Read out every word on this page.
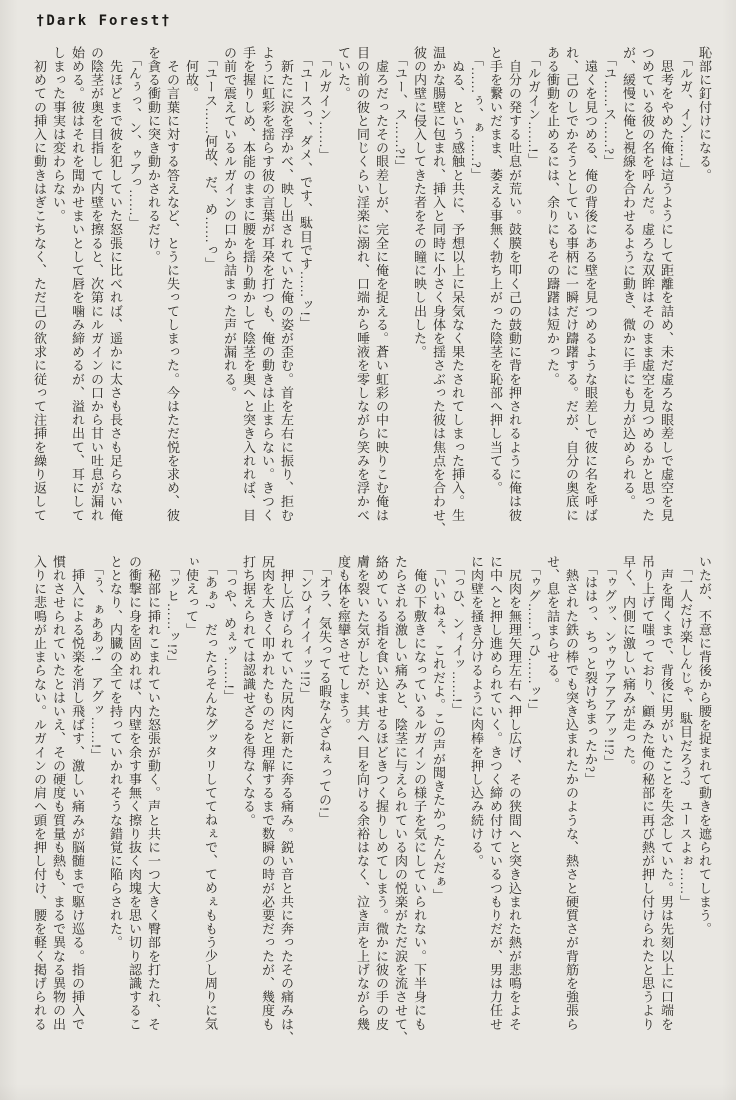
†Dark Forest†
恥部に釘付けになる。
　「ルガ、イン……」
　思考をやめた俺は這うようにして距離を詰め、未だ虚ろな眼差しで虚空を見
つめている彼の名を呼んだ。虚ろな双眸はそのまま虚空を見つめるかと思った
が、緩慢に俺と視線を合わせるように動き、微かに手にも力が込められる。
　「ユ……ス……?」
　遠くを見つめる、俺の背後にある壁を見つめるような眼差しで彼に名を呼ば
れ、己のしでかそうとしている事柄に一瞬だけ躊躇する。だが、自分の奥底に
ある衝動を止めるには、余りにもその躊躇は短かった。
　「ルガイン……!」
　自分の発する吐息が荒い。鼓膜を叩く己の鼓動に背を押されるように俺は彼
と手を繋いだまま、萎える事無く勃ち上がった陰茎を恥部へ押し当てる。
　「……ぅ、ぁ……?」
　ぬる、という感触と共に、予想以上に呆気なく果たされてしまった挿入。生
温かな腸壁に包まれ、挿入と同時に小さく身体を揺さぶった彼は焦点を合わせ、
彼の内壁に侵入してきた者をその瞳に映し出した。
　「ユー、ス……?!」
　虚ろだったその眼差しが、完全に俺を捉える。蒼い虹彩の中に映りこむ俺は
目の前の彼と同じくらい淫楽に溺れ、口端から唾液を零しながら笑みを浮かべ
ていた。
　「ルガイン……」
　「ユースっ、ダメ、です、駄目です……ッ!」
　新たに涙を浮かべ、映し出されていた俺の姿が歪む。首を左右に振り、拒む
ように虹彩を揺らす彼の言葉が耳朶を打つも、俺の動きは止まらない。きつく
手を握りしめ、本能のままに腰を揺り動かして陰茎を奥へと突き入れれば、目
の前で震えているルガインの口から詰まった声が漏れる。
　「ユース……何故、だ、め……っ」
　何故。
　その言葉に対する答えなど、とうに失ってしまった。今はただ悦を求め、彼
を貪る衝動に突き動かされるだけ。
　「んぅっ、ン、ゥアっ……」
　先ほどまで彼を犯していた怒張に比べれば、遥かに太さも長さも足らない俺
の陰茎が奥を目指して内壁を擦ると、次第にルガインの口から甘い吐息が漏れ
始める。彼はそれを聞かせまいとして唇を噛み締めるが、溢れ出て、耳にして
しまった事実は変わらない。
　初めての挿入に動きはぎこちなく、ただ己の欲求に従って注挿を繰り返して
いたが、不意に背後から腰を捉まれて動きを遮られてしまう。
　「一人だけ楽しんじゃ、駄目だろう?　ユースよぉ……」
　声を聞くまで、背後に男がいたことを失念していた。男は先刻以上に口端を
吊り上げて嗤っており、顧みた俺の秘部に再び熱が押し付けられたと思うより
早く、内側に激しい痛みが走った。
　「ゥグッ、ンゥウアアアアッ!!?」
　「ははっ、ちっと裂けちまったか?」
　熱された鉄の棒でも突き込まれたかのような、熱さと硬質さが背筋を強張ら
せ、息を詰まらせる。
　「ゥグ……っひ……ッ!」
　尻肉を無理矢理左右へ押し広げ、その狭間へと突き込まれた熱が悲鳴をよそ
に中へと押し進められていく。きつく締め付けているつもりだが、男は力任せ
に肉壁を掻き分けるように肉棒を押し込み続ける。
　「っひ、ンィイッ……!」
　「いいねぇ、これだよ。この声が聞きたかったんだぁ」
　俺の下敷きになっているルガインの様子を気にしていられない。下半身にも
たらされる激しい痛みと、陰茎に与えられている肉の悦楽がただ涙を流させて、
絡めている指を食い込ませるほどきつく握りしめてしまう。微かに彼の手の皮
膚を裂いた気がしたが、其方へ目を向ける余裕はなく、泣き声を上げながら幾
度も体を痙攣させてしまう。
　「オラ、気失ってる暇なんざねぇっての!」
　「ンひィイイィッ!!?」
　押し広げられていた尻肉に新たに奔る痛み。鋭い音と共に奔ったその痛みは、
尻肉を大きく叩かれたものだと理解するまで数瞬の時が必要だったが、幾度も
打ち据えられては認識せざるを得なくなる。
　「っや、めぇッ……!」
　「あぁ?　だったらそんなグッタリしててねぇで、てめぇももう少し周りに気
ぃ使えって」
　「ッヒ……ッ!?」
　秘部に挿れこまれていた怒張が動く。声と共に一つ大きく臀部を打たれ、そ
の衝撃に身を固めれば、内壁を余す事無く擦り抜く肉塊を思い切り認識するこ
ととなり、内臓の全てを持っていかれそうな錯覚に陥らされた。
　「ぅ、ぁああッ!　アグッ……!」
　挿入による悦楽を消し飛ばす、激しい痛みが脳髄まで駆け巡る。指の挿入で
慣れさせられていたとはいえ、その硬度も質量も熱も、まるで異なる異物の出
入りに悲鳴が止まらない。ルガインの肩へ頭を押し付け、腰を軽く掲げられる
